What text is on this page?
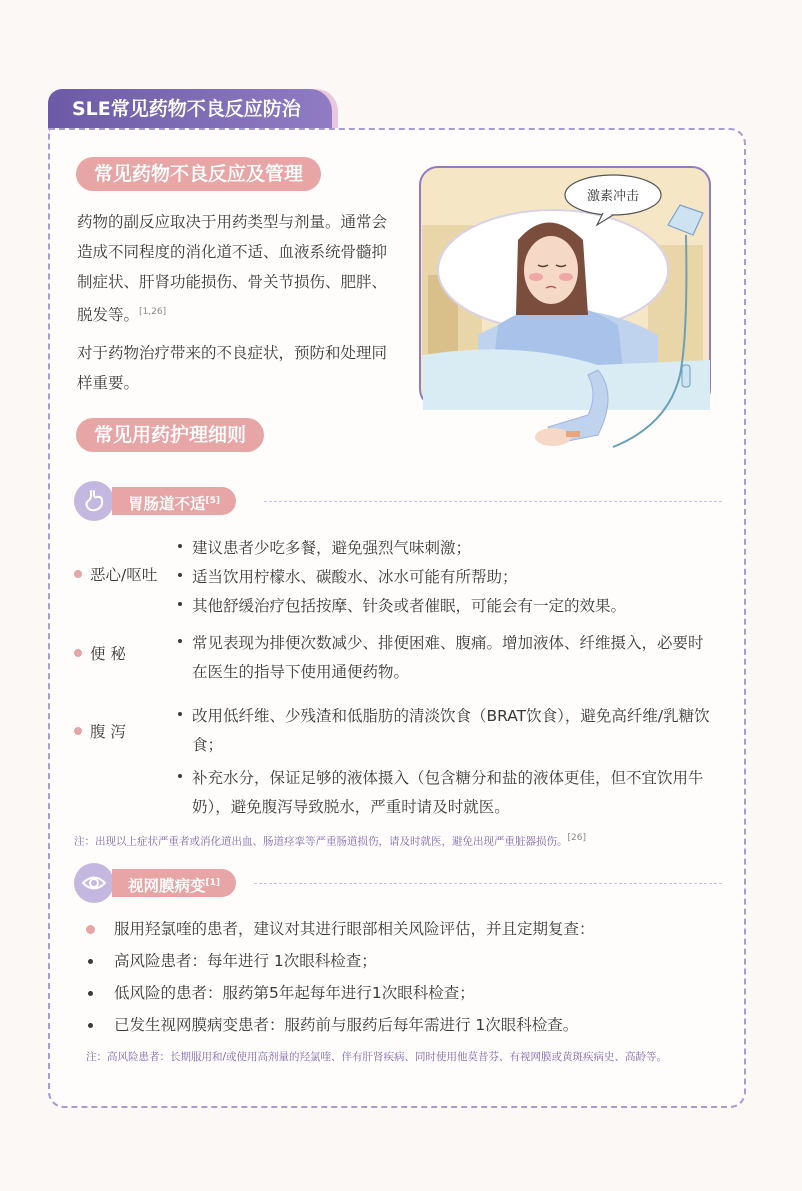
SLE常见药物不良反应防治
常见药物不良反应及管理
药物的副反应取决于用药类型与剂量。通常会造成不同程度的消化道不适、血液系统骨髓抑制症状、肝肾功能损伤、骨关节损伤、肥胖、脱发等。[1,26]
对于药物治疗带来的不良症状，预防和处理同样重要。
激素冲击
常见用药护理细则
胃肠道不适[5]
恶心/呕吐
建议患者少吃多餐，避免强烈气味刺激；
适当饮用柠檬水、碳酸水、冰水可能有所帮助；
其他舒缓治疗包括按摩、针灸或者催眠，可能会有一定的效果。
便 秘
常见表现为排便次数减少、排便困难、腹痛。增加液体、纤维摄入，必要时在医生的指导下使用通便药物。
腹 泻
改用低纤维、少残渣和低脂肪的清淡饮食（BRAT饮食），避免高纤维/乳糖饮食；
补充水分，保证足够的液体摄入（包含糖分和盐的液体更佳，但不宜饮用牛奶），避免腹泻导致脱水，严重时请及时就医。
注：出现以上症状严重者或消化道出血、肠道痉挛等严重肠道损伤，请及时就医，避免出现严重脏器损伤。[26]
视网膜病变[1]
服用羟氯喹的患者，建议对其进行眼部相关风险评估，并且定期复查：
高风险患者：每年进行 1次眼科检查；
低风险的患者：服药第5年起每年进行1次眼科检查；
已发生视网膜病变患者：服药前与服药后每年需进行 1次眼科检查。
注：高风险患者：长期服用和/或使用高剂量的羟氯喹、伴有肝肾疾病、同时使用他莫昔芬、有视网膜或黄斑疾病史、高龄等。
